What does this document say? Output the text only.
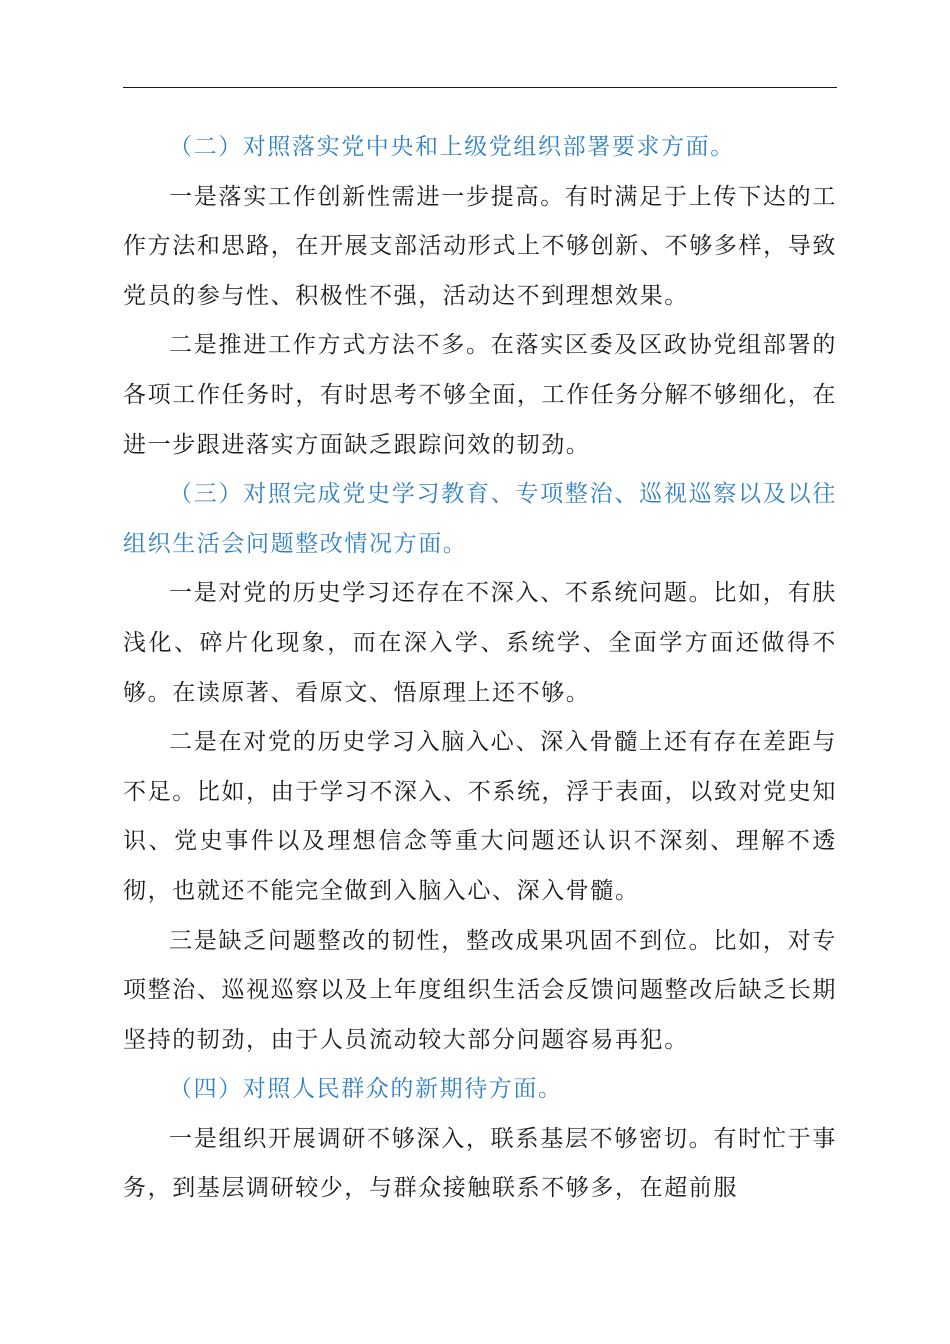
（二）对照落实党中央和上级党组织部署要求方面。

一是落实工作创新性需进一步提高。有时满足于上传下达的工作方法和思路，在开展支部活动形式上不够创新、不够多样，导致党员的参与性、积极性不强，活动达不到理想效果。

二是推进工作方式方法不多。在落实区委及区政协党组部署的各项工作任务时，有时思考不够全面，工作任务分解不够细化，在进一步跟进落实方面缺乏跟踪问效的韧劲。

（三）对照完成党史学习教育、专项整治、巡视巡察以及以往组织生活会问题整改情况方面。

一是对党的历史学习还存在不深入、不系统问题。比如，有肤浅化、碎片化现象，而在深入学、系统学、全面学方面还做得不够。在读原著、看原文、悟原理上还不够。

二是在对党的历史学习入脑入心、深入骨髓上还有存在差距与不足。比如，由于学习不深入、不系统，浮于表面，以致对党史知识、党史事件以及理想信念等重大问题还认识不深刻、理解不透彻，也就还不能完全做到入脑入心、深入骨髓。

三是缺乏问题整改的韧性，整改成果巩固不到位。比如，对专项整治、巡视巡察以及上年度组织生活会反馈问题整改后缺乏长期坚持的韧劲，由于人员流动较大部分问题容易再犯。

（四）对照人民群众的新期待方面。

一是组织开展调研不够深入，联系基层不够密切。有时忙于事务，到基层调研较少，与群众接触联系不够多，在超前服
